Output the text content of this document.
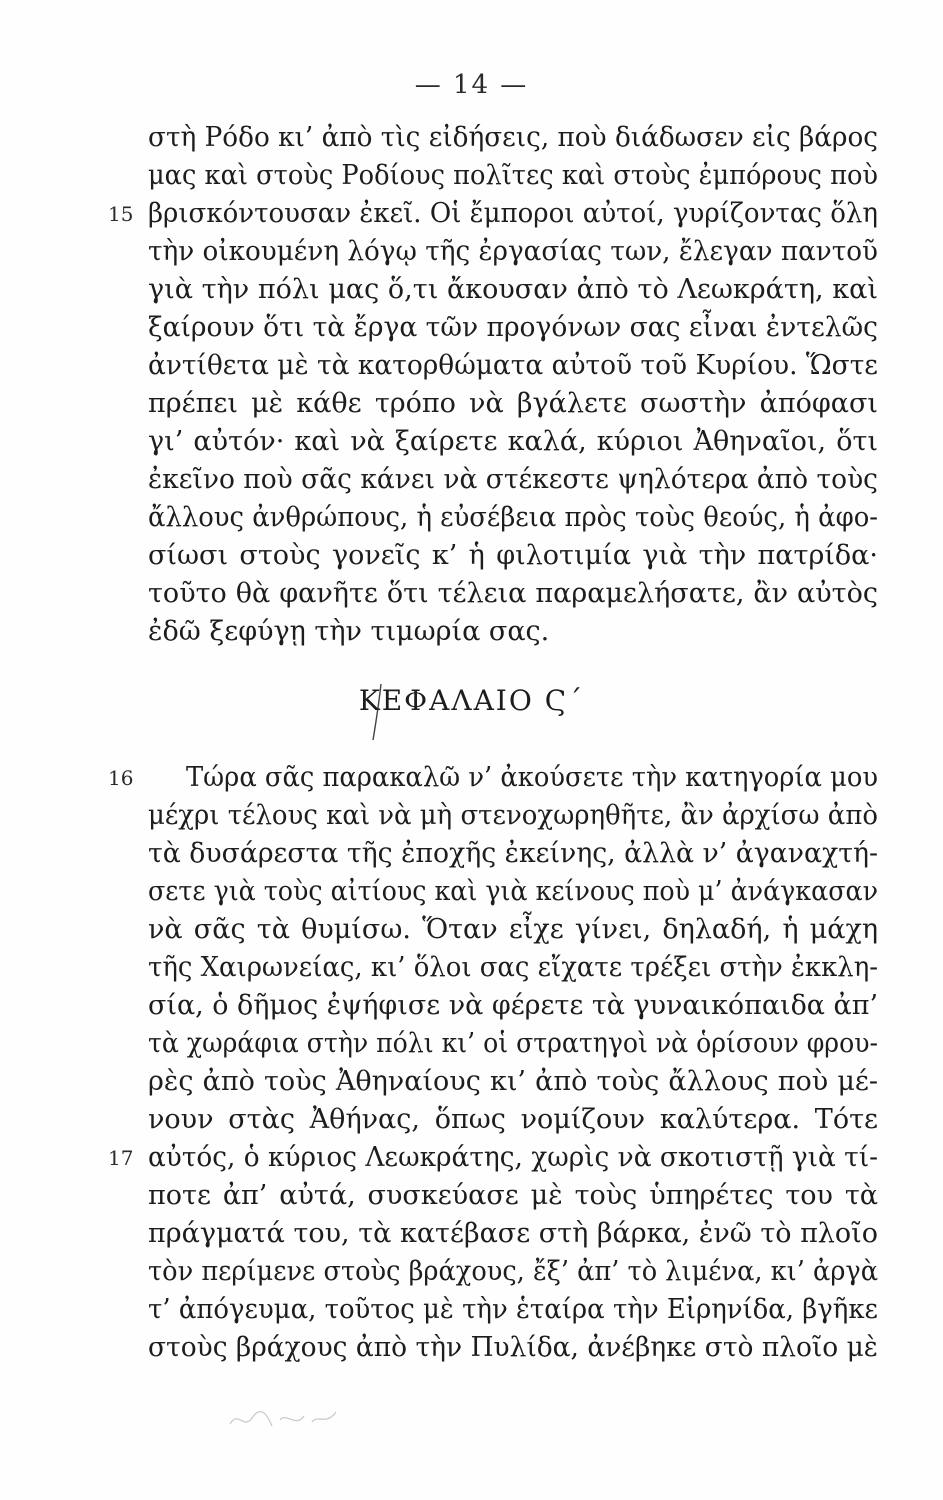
— 14 —
στὴ Ρόδο κι’ ἀπὸ τὶς εἰδήσεις, ποὺ διάδωσεν εἰς βάρος
μας καὶ στοὺς Ροδίους πολῖτες καὶ στοὺς ἐμπόρους ποὺ
βρισκόντουσαν ἐκεῖ. Οἱ ἔμποροι αὐτοί, γυρίζοντας ὅλη
15
τὴν οἰκουμένη λόγῳ τῆς ἐργασίας των, ἔλεγαν παντοῦ
γιὰ τὴν πόλι μας ὅ,τι ἄκουσαν ἀπὸ τὸ Λεωκράτη, καὶ
ξαίρουν ὅτι τὰ ἔργα τῶν προγόνων σας εἶναι ἐντελῶς
ἀντίθετα μὲ τὰ κατορθώματα αὐτοῦ τοῦ Κυρίου. Ὥστε
πρέπει μὲ κάθε τρόπο νὰ βγάλετε σωστὴν ἀπόφασι
γι’ αὐτόν· καὶ νὰ ξαίρετε καλά, κύριοι Ἀθηναῖοι, ὅτι
ἐκεῖνο ποὺ σᾶς κάνει νὰ στέκεστε ψηλότερα ἀπὸ τοὺς
ἄλλους ἀνθρώπους, ἡ εὐσέβεια πρὸς τοὺς θεούς, ἡ ἀφο-
σίωσι στοὺς γονεῖς κ’ ἡ φιλοτιμία γιὰ τὴν πατρίδα·
τοῦτο θὰ φανῆτε ὅτι τέλεια παραμελήσατε, ἂν αὐτὸς
ἐδῶ ξεφύγῃ τὴν τιμωρία σας.
ΚΕΦΑΛΑΙΟ Ϛ΄
Τώρα σᾶς παρακαλῶ ν’ ἀκούσετε τὴν κατηγορία μου
16
μέχρι τέλους καὶ νὰ μὴ στενοχωρηθῆτε, ἂν ἀρχίσω ἀπὸ
τὰ δυσάρεστα τῆς ἐποχῆς ἐκείνης, ἀλλὰ ν’ ἀγαναχτή-
σετε γιὰ τοὺς αἰτίους καὶ γιὰ κείνους ποὺ μ’ ἀνάγκασαν
νὰ σᾶς τὰ θυμίσω. Ὅταν εἶχε γίνει, δηλαδή, ἡ μάχη
τῆς Χαιρωνείας, κι’ ὅλοι σας εἴχατε τρέξει στὴν ἐκκλη-
σία, ὁ δῆμος ἐψήφισε νὰ φέρετε τὰ γυναικόπαιδα ἀπ’
τὰ χωράφια στὴν πόλι κι’ οἱ στρατηγοὶ νὰ ὁρίσουν φρου-
ρὲς ἀπὸ τοὺς Ἀθηναίους κι’ ἀπὸ τοὺς ἄλλους ποὺ μέ-
νουν στὰς Ἀθήνας, ὅπως νομίζουν καλύτερα. Τότε
αὐτός, ὁ κύριος Λεωκράτης, χωρὶς νὰ σκοτιστῇ γιὰ τί-
17
ποτε ἀπ’ αὐτά, συσκεύασε μὲ τοὺς ὑπηρέτες του τὰ
πράγματά του, τὰ κατέβασε στὴ βάρκα, ἐνῶ τὸ πλοῖο
τὸν περίμενε στοὺς βράχους, ἔξ’ ἀπ’ τὸ λιμένα, κι’ ἀργὰ
τ’ ἀπόγευμα, τοῦτος μὲ τὴν ἑταίρα τὴν Εἰρηνίδα, βγῆκε
στοὺς βράχους ἀπὸ τὴν Πυλίδα, ἀνέβηκε στὸ πλοῖο μὲ
